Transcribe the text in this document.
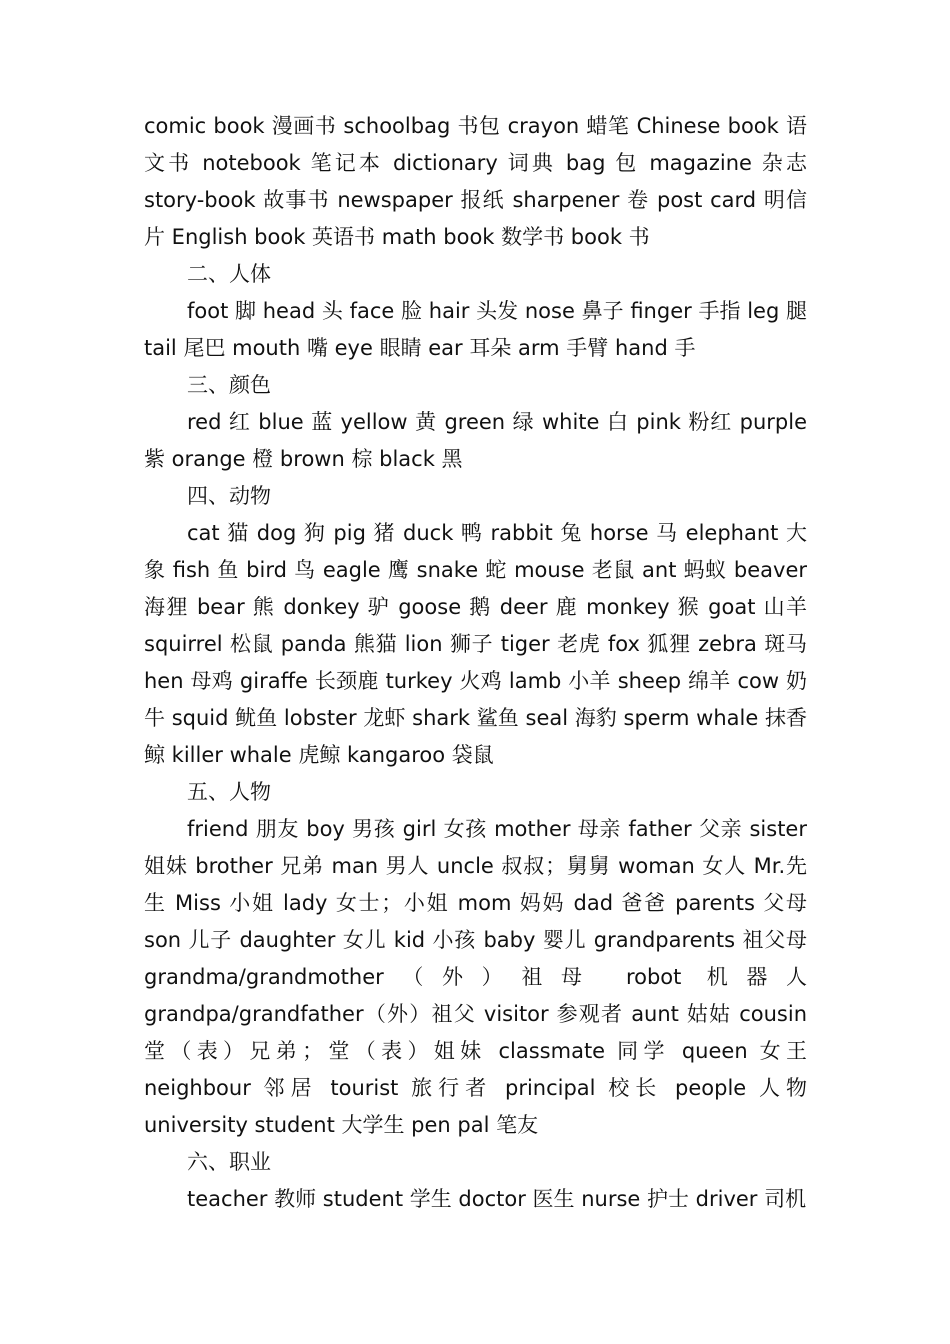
comic book 漫画书 schoolbag 书包 crayon 蜡笔 Chinese book 语文书 notebook 笔记本 dictionary 词典 bag 包 magazine 杂志 story-book 故事书 newspaper 报纸 sharpener 卷 post card 明信片 English book 英语书 math book 数学书 book 书

二、人体

foot 脚 head 头 face 脸 hair 头发 nose 鼻子 finger 手指 leg 腿 tail 尾巴 mouth 嘴 eye 眼睛 ear 耳朵 arm 手臂 hand 手

三、颜色

red 红 blue 蓝 yellow 黄 green 绿 white 白 pink 粉红 purple 紫 orange 橙 brown 棕 black 黑

四、动物

cat 猫 dog 狗 pig 猪 duck 鸭 rabbit 兔 horse 马 elephant 大象 fish 鱼 bird 鸟 eagle 鹰 snake 蛇 mouse 老鼠 ant 蚂蚁 beaver 海狸 bear 熊 donkey 驴 goose 鹅 deer 鹿 monkey 猴 goat 山羊 squirrel 松鼠 panda 熊猫 lion 狮子 tiger 老虎 fox 狐狸 zebra 斑马 hen 母鸡 giraffe 长颈鹿 turkey 火鸡 lamb 小羊 sheep 绵羊 cow 奶牛 squid 鱿鱼 lobster 龙虾 shark 鲨鱼 seal 海豹 sperm whale 抹香鲸 killer whale 虎鲸 kangaroo 袋鼠

五、人物

friend 朋友 boy 男孩 girl 女孩 mother 母亲 father 父亲 sister 姐妹 brother 兄弟 man 男人 uncle 叔叔；舅舅 woman 女人 Mr.先生 Miss 小姐 lady 女士；小姐 mom 妈妈 dad 爸爸 parents 父母 son 儿子 daughter 女儿 kid 小孩 baby 婴儿 grandparents 祖父母 grandma/grandmother（外）祖母 robot 机器人 grandpa/grandfather（外）祖父 visitor 参观者 aunt 姑姑 cousin 堂（表）兄弟；堂（表）姐妹 classmate 同学 queen 女王 neighbour 邻居 tourist 旅行者 principal 校长 people 人物 university student 大学生 pen pal 笔友

六、职业

teacher 教师 student 学生 doctor 医生 nurse 护士 driver 司机
